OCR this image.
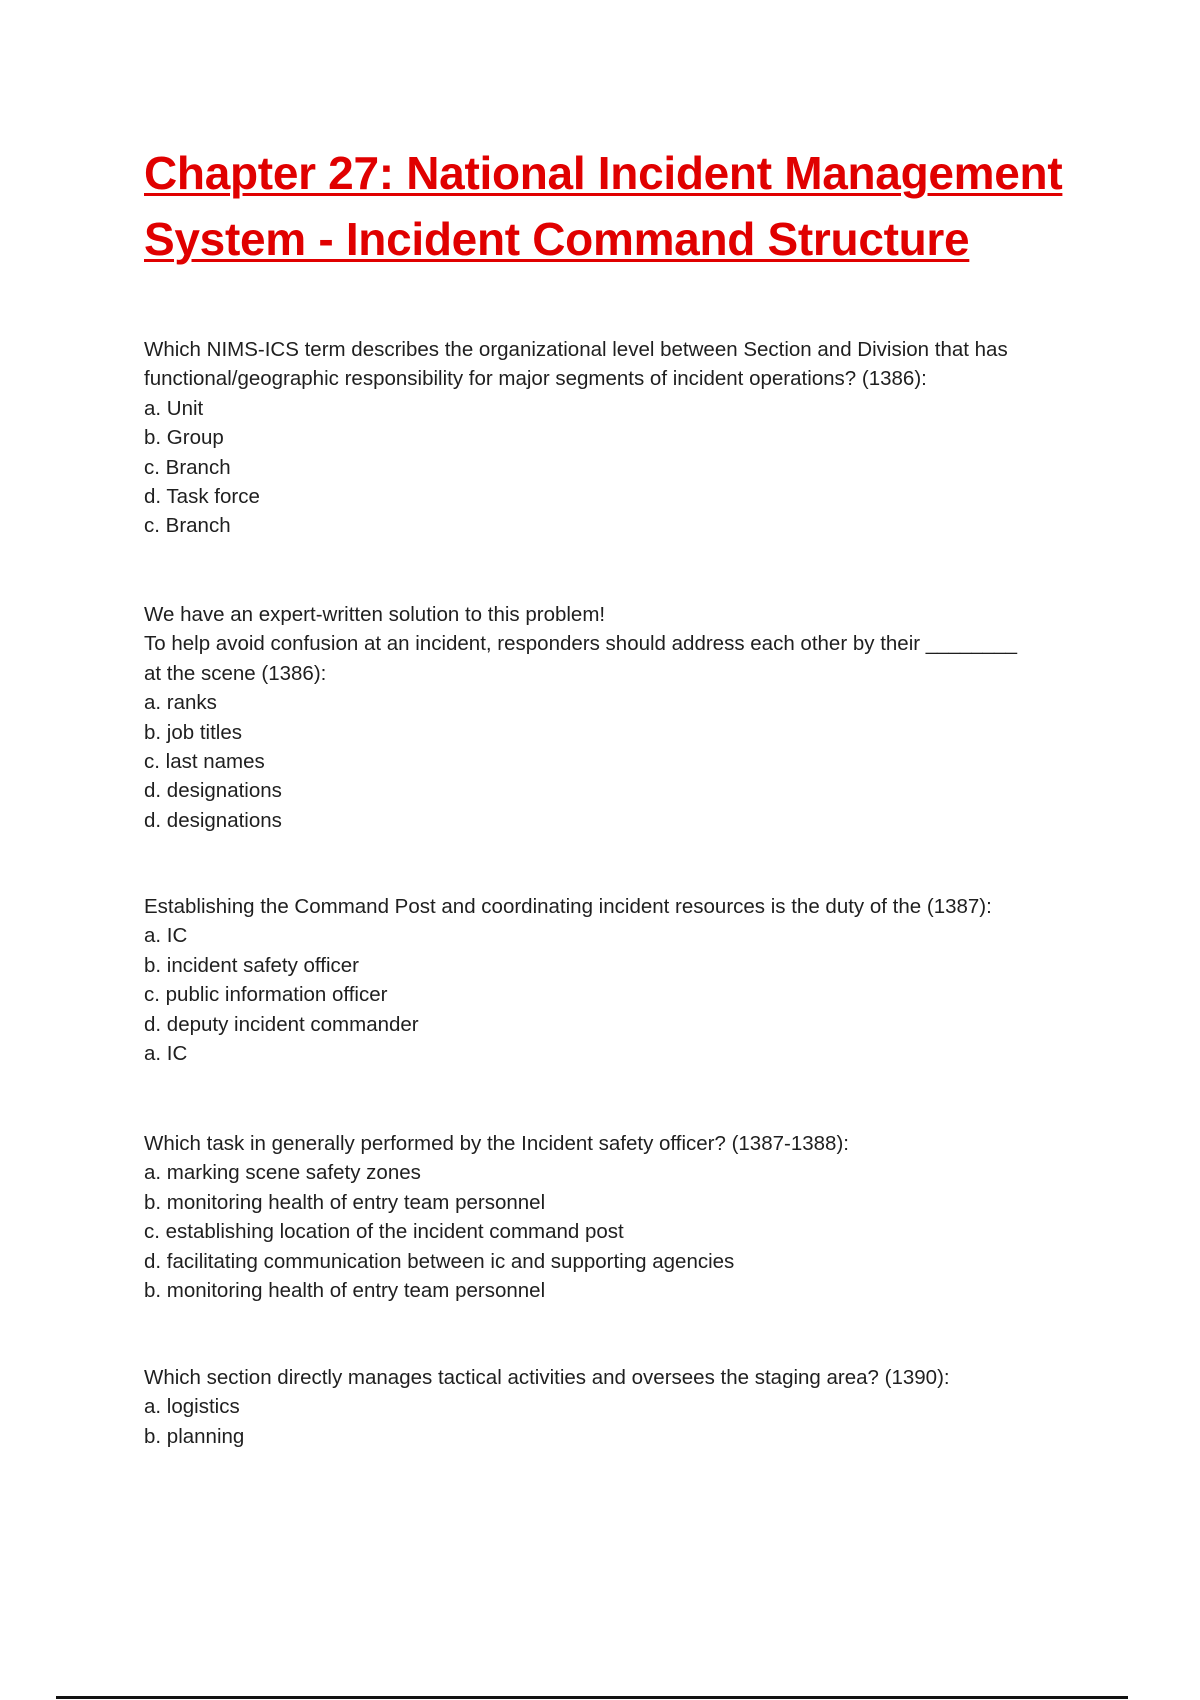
Chapter 27: National Incident Management
System - Incident Command Structure
Which NIMS-ICS term describes the organizational level between Section and Division that has
functional/geographic responsibility for major segments of incident operations? (1386):
a. Unit
b. Group
c. Branch
d. Task force
c. Branch
We have an expert-written solution to this problem!
To help avoid confusion at an incident, responders should address each other by their ________
at the scene (1386):
a. ranks
b. job titles
c. last names
d. designations
d. designations
Establishing the Command Post and coordinating incident resources is the duty of the (1387):
a. IC
b. incident safety officer
c. public information officer
d. deputy incident commander
a. IC
Which task in generally performed by the Incident safety officer? (1387-1388):
a. marking scene safety zones
b. monitoring health of entry team personnel
c. establishing location of the incident command post
d. facilitating communication between ic and supporting agencies
b. monitoring health of entry team personnel
Which section directly manages tactical activities and oversees the staging area? (1390):
a. logistics
b. planning
